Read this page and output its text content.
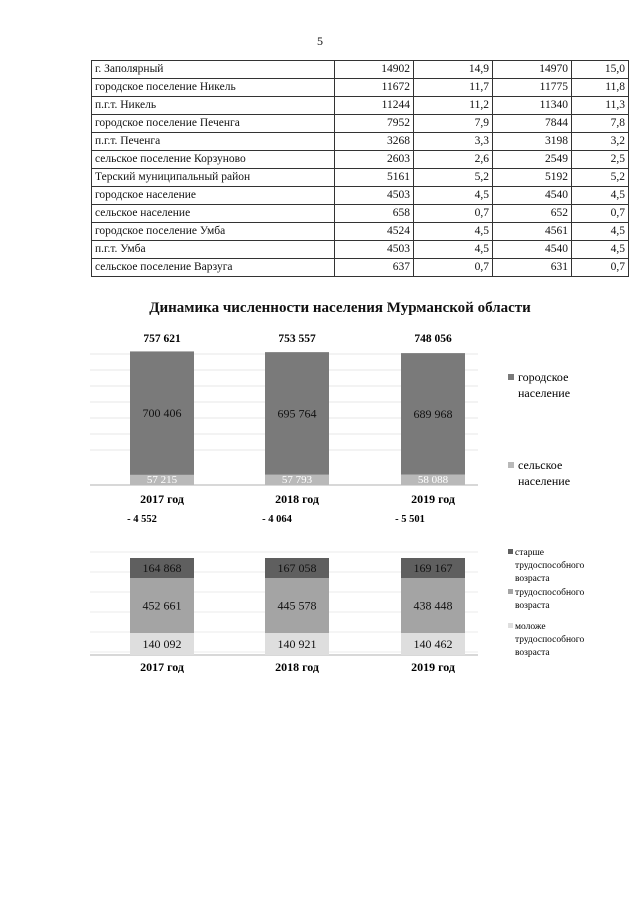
5
г. Заполярный	14902	14,9	14970	15,0
городское поселение Никель	11672	11,7	11775	11,8
п.г.т. Никель	11244	11,2	11340	11,3
городское поселение Печенга	7952	7,9	7844	7,8
п.г.т. Печенга	3268	3,3	3198	3,2
сельское поселение Корзуново	2603	2,6	2549	2,5
Терский муниципальный район	5161	5,2	5192	5,2
городское население	4503	4,5	4540	4,5
сельское население	658	0,7	652	0,7
городское поселение Умба	4524	4,5	4561	4,5
п.г.т. Умба	4503	4,5	4540	4,5
сельское поселение Варзуга	637	0,7	631	0,7
Динамика численности населения Мурманской области
700 406
57 215
757 621
2017 год
- 4 552
695 764
57 793
753 557
2018 год
- 4 064
689 968
58 088
748 056
2019 год
- 5 501
городское
население
сельское
население
140 092
452 661
164 868
2017 год
140 921
445 578
167 058
2018 год
140 462
438 448
169 167
2019 год
старше
трудоспособного
возраста
трудоспособного
возраста
моложе
трудоспособного
возраста
